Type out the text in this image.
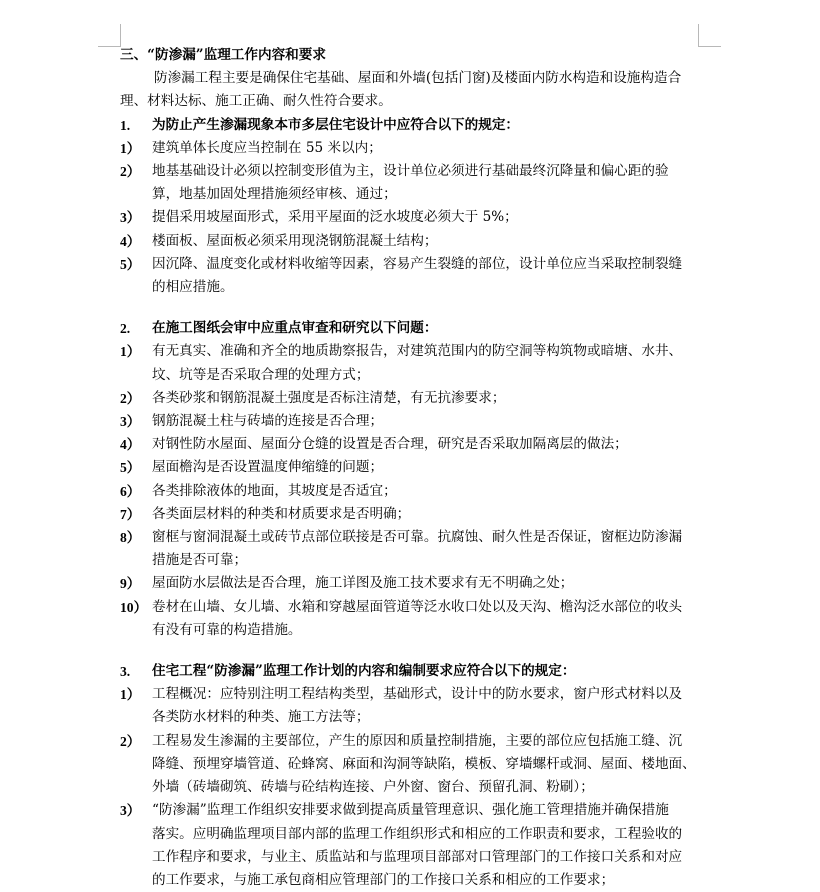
三、“防渗漏”监理工作内容和要求
防渗漏工程主要是确保住宅基础、屋面和外墙(包括门窗)及楼面内防水构造和设施构造合
理、材料达标、施工正确、耐久性符合要求。
1.	为防止产生渗漏现象本市多层住宅设计中应符合以下的规定：
1） 建筑单体长度应当控制在 55 米以内；
2） 地基基础设计必须以控制变形值为主，设计单位必须进行基础最终沉降量和偏心距的验
算，地基加固处理措施须经审核、通过；
3） 提倡采用坡屋面形式，采用平屋面的泛水坡度必须大于 5%；
4） 楼面板、屋面板必须采用现浇钢筋混凝土结构；
5） 因沉降、温度变化或材料收缩等因素，容易产生裂缝的部位，设计单位应当采取控制裂缝
的相应措施。
2.	在施工图纸会审中应重点审查和研究以下问题：
1） 有无真实、准确和齐全的地质勘察报告，对建筑范围内的防空洞等构筑物或暗塘、水井、
坟、坑等是否采取合理的处理方式；
2） 各类砂浆和钢筋混凝土强度是否标注清楚，有无抗渗要求；
3） 钢筋混凝土柱与砖墙的连接是否合理；
4） 对钢性防水屋面、屋面分仓缝的设置是否合理，研究是否采取加隔离层的做法；
5） 屋面檐沟是否设置温度伸缩缝的问题；
6） 各类排除液体的地面，其坡度是否适宜；
7） 各类面层材料的种类和材质要求是否明确；
8） 窗框与窗洞混凝土或砖节点部位联接是否可靠。抗腐蚀、耐久性是否保证，窗框边防渗漏
措施是否可靠；
9） 屋面防水层做法是否合理，施工详图及施工技术要求有无不明确之处；
10） 卷材在山墙、女儿墙、水箱和穿越屋面管道等泛水收口处以及天沟、檐沟泛水部位的收头
有没有可靠的构造措施。
3.	住宅工程“防渗漏”监理工作计划的内容和编制要求应符合以下的规定：
1） 工程概况：应特别注明工程结构类型，基础形式，设计中的防水要求，窗户形式材料以及
各类防水材料的种类、施工方法等；
2） 工程易发生渗漏的主要部位，产生的原因和质量控制措施，主要的部位应包括施工缝、沉
降缝、预埋穿墙管道、砼蜂窝、麻面和沟洞等缺陷，模板、穿墙螺杆或洞、屋面、楼地面、
外墙（砖墙砌筑、砖墙与砼结构连接、户外窗、窗台、预留孔洞、粉刷）；
3） “防渗漏”监理工作组织安排要求做到提高质量管理意识、强化施工管理措施并确保措施
落实。应明确监理项目部内部的监理工作组织形式和相应的工作职责和要求，工程验收的
工作程序和要求，与业主、质监站和与监理项目部部对口管理部门的工作接口关系和对应
的工作要求，与施工承包商相应管理部门的工作接口关系和相应的工作要求；
